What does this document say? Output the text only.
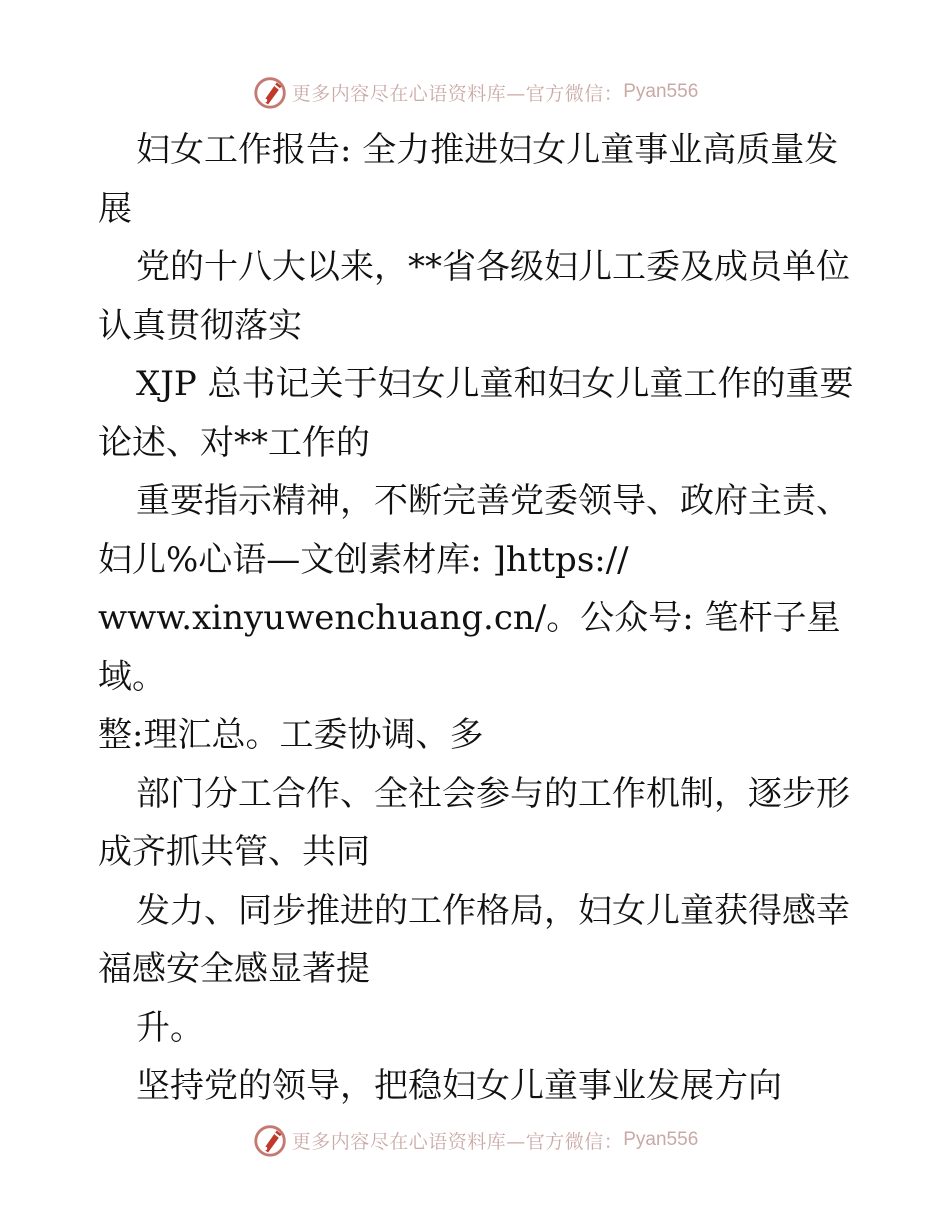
更多内容尽在心语资料库—官方微信： Pyan556

妇女工作报告: 全力推进妇女儿童事业高质量发
展

党的十八大以来，**省各级妇儿工委及成员单位
认真贯彻落实

XJP 总书记关于妇女儿童和妇女儿童工作的重要
论述、对**工作的

重要指示精神，不断完善党委领导、政府主责、
妇儿%心语—文创素材库: ]https://

www.xinyuwenchuang.cn/。公众号: 笔杆子星域。
整:理汇总。工委协调、多

部门分工合作、全社会参与的工作机制，逐步形
成齐抓共管、共同

发力、同步推进的工作格局，妇女儿童获得感幸
福感安全感显著提

升。

坚持党的领导，把稳妇女儿童事业发展方向

更多内容尽在心语资料库—官方微信： Pyan556
